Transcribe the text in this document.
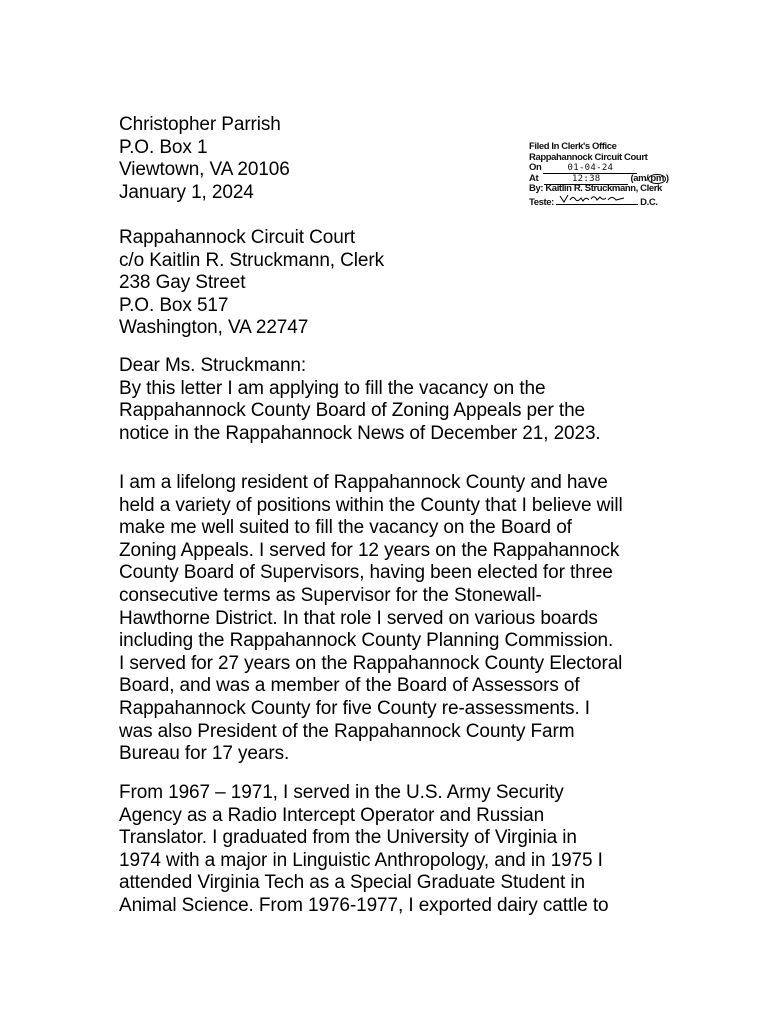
Christopher Parrish
P.O. Box 1
Viewtown, VA 20106
January 1, 2024
Filed In Clerk's Office
Rappahannock Circuit Court
On	01-04-24
At	12:38	(am/ pm )
By: Kaitlin R. Struckmann, Clerk
Teste:	D.C.
Rappahannock Circuit Court
c/o Kaitlin R. Struckmann, Clerk
238 Gay Street
P.O. Box 517
Washington, VA 22747
Dear Ms. Struckmann:
By this letter I am applying to fill the vacancy on the
Rappahannock County Board of Zoning Appeals per the
notice in the Rappahannock News of December 21, 2023.
I am a lifelong resident of Rappahannock County and have
held a variety of positions within the County that I believe will
make me well suited to fill the vacancy on the Board of
Zoning Appeals. I served for 12 years on the Rappahannock
County Board of Supervisors, having been elected for three
consecutive terms as Supervisor for the Stonewall-
Hawthorne District. In that role I served on various boards
including the Rappahannock County Planning Commission.
I served for 27 years on the Rappahannock County Electoral
Board, and was a member of the Board of Assessors of
Rappahannock County for five County re-assessments. I
was also President of the Rappahannock County Farm
Bureau for 17 years.
From 1967 – 1971, I served in the U.S. Army Security
Agency as a Radio Intercept Operator and Russian
Translator. I graduated from the University of Virginia in
1974 with a major in Linguistic Anthropology, and in 1975 I
attended Virginia Tech as a Special Graduate Student in
Animal Science. From 1976-1977, I exported dairy cattle to
